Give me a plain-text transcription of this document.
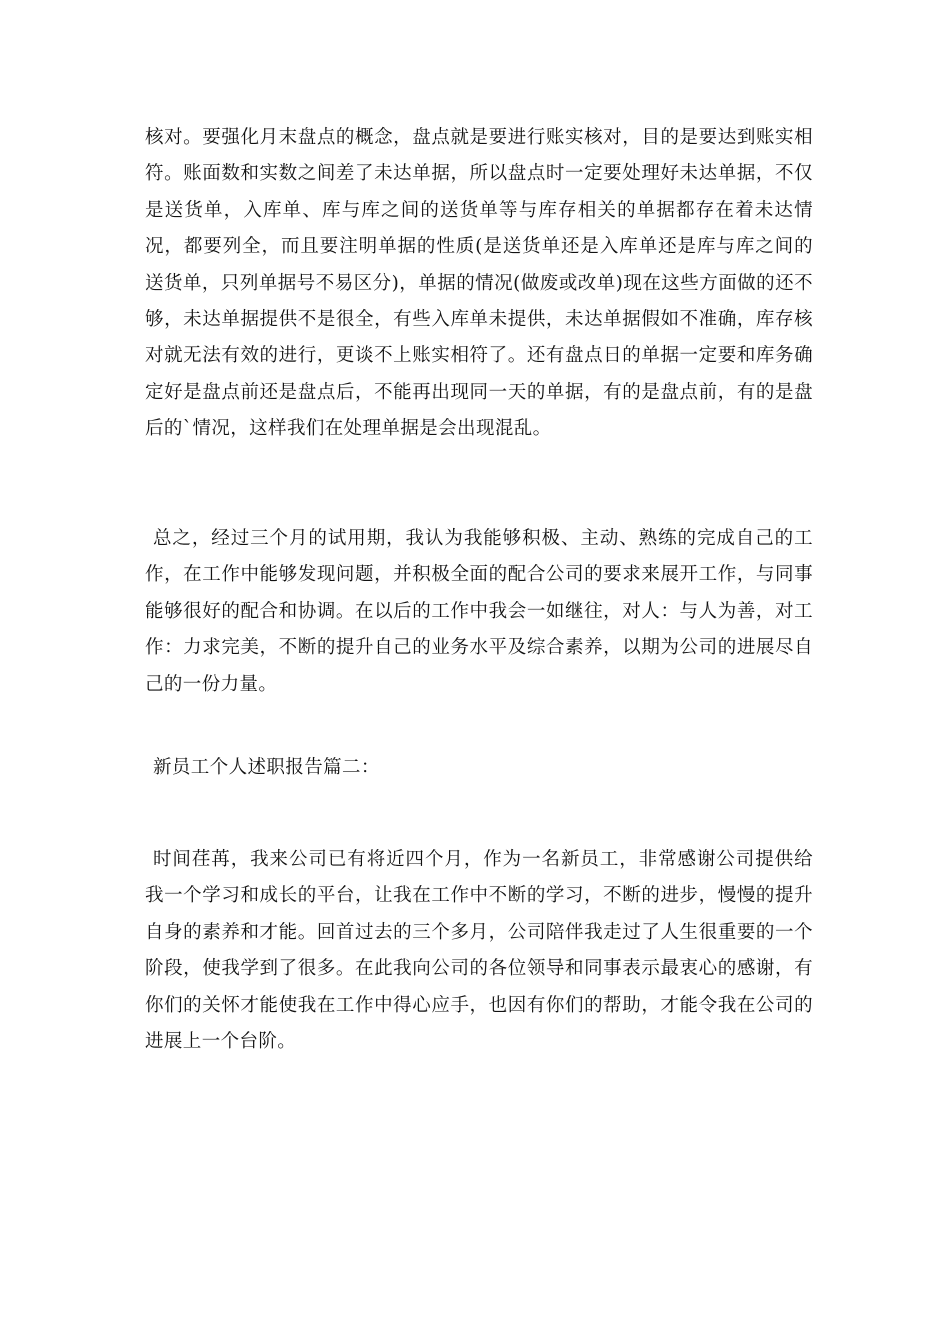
核对。要强化月末盘点的概念，盘点就是要进行账实核对，目的是要达到账实相符。账面数和实数之间差了未达单据，所以盘点时一定要处理好未达单据，不仅是送货单，入库单、库与库之间的送货单等与库存相关的单据都存在着未达情况，都要列全，而且要注明单据的性质(是送货单还是入库单还是库与库之间的送货单，只列单据号不易区分)，单据的情况(做废或改单)现在这些方面做的还不够，未达单据提供不是很全，有些入库单未提供，未达单据假如不准确，库存核对就无法有效的进行，更谈不上账实相符了。还有盘点日的单据一定要和库务确定好是盘点前还是盘点后，不能再出现同一天的单据，有的是盘点前，有的是盘后的`情况，这样我们在处理单据是会出现混乱。

总之，经过三个月的试用期，我认为我能够积极、主动、熟练的完成自己的工作，在工作中能够发现问题，并积极全面的配合公司的要求来展开工作，与同事能够很好的配合和协调。在以后的工作中我会一如继往，对人：与人为善，对工作：力求完美，不断的提升自己的业务水平及综合素养，以期为公司的进展尽自己的一份力量。

新员工个人述职报告篇二：

时间荏苒，我来公司已有将近四个月，作为一名新员工，非常感谢公司提供给我一个学习和成长的平台，让我在工作中不断的学习，不断的进步，慢慢的提升自身的素养和才能。回首过去的三个多月，公司陪伴我走过了人生很重要的一个阶段，使我学到了很多。在此我向公司的各位领导和同事表示最衷心的感谢，有你们的关怀才能使我在工作中得心应手，也因有你们的帮助，才能令我在公司的进展上一个台阶。
